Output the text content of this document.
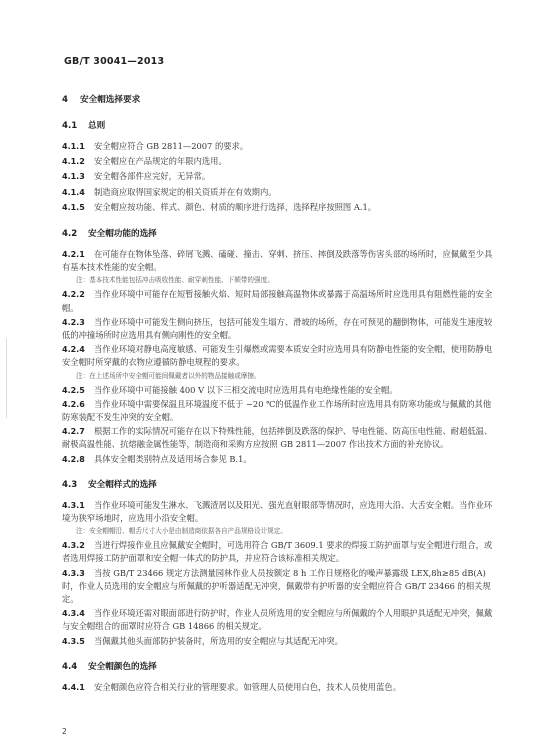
GB/T 30041—2013
4	安全帽选择要求
4.1	总则
4.1.1 安全帽应符合 GB 2811—2007 的要求。
4.1.2 安全帽应在产品规定的年限内选用。
4.1.3 安全帽各部件应完好，无异常。
4.1.4 制造商应取得国家规定的相关资质并在有效期内。
4.1.5 安全帽应按功能、样式、颜色、材质的顺序进行选择，选择程序按照图 A.1。
4.2	安全帽功能的选择
4.2.1 在可能存在物体坠落、碎屑飞溅、磕碰、撞击、穿刺、挤压、摔倒及跌落等伤害头部的场所时，应佩戴至少具有基本技术性能的安全帽。
注：基本技术性能包括冲击吸收性能、耐穿刺性能、下颏带的强度。
4.2.2 当作业环境中可能存在短暂接触火焰、短时局部接触高温物体或暴露于高温场所时应选用具有阻燃性能的安全帽。
4.2.3 当作业环境中可能发生侧向挤压，包括可能发生塌方、滑坡的场所，存在可预见的翻倒物体，可能发生速度较低的冲撞场所时应选用具有侧向刚性的安全帽。
4.2.4 当作业环境对静电高度敏感、可能发生引爆燃或需要本质安全时应选用具有防静电性能的安全帽，使用防静电安全帽时所穿戴的衣物应遵循防静电规程的要求。
注：在上述场所中安全帽可能间佩戴者以外的物品接触或摩擦。
4.2.5 当作业环境中可能接触 400 V 以下三相交流电时应选用具有电绝缘性能的安全帽。
4.2.6 当作业环境中需要保温且环境温度不低于 −20 ℃的低温作业工作场所时应选用具有防寒功能或与佩戴的其他防寒装配不发生冲突的安全帽。
4.2.7 根据工作的实际情况可能存在以下特殊性能，包括摔倒及跌落的保护、导电性能、防高压电性能、耐超低温、耐极高温性能、抗熔融金属性能等，制造商和采购方应按照 GB 2811—2007 作出技术方面的补充协议。
4.2.8 具体安全帽类别特点及适用场合参见 B.1。
4.3	安全帽样式的选择
4.3.1 当作业环境可能发生淋水、飞溅渣屑以及阳光、强光直射眼部等情况时，应选用大沿、大舌安全帽。当作业环境为狭窄场地时，应选用小沿安全帽。
注：安全帽帽沿、帽舌尺寸大小是由制造商依据各自产品规格设计规定。
4.3.2 当进行焊接作业且应佩戴安全帽时，可选用符合 GB/T 3609.1 要求的焊接工防护面罩与安全帽进行组合，或者选用焊接工防护面罩和安全帽一体式的防护具，并应符合该标准相关规定。
4.3.3 当按 GB/T 23466 规定方法测量园林作业人员按额定 8 h 工作日规格化的噪声暴露级 LEX,8h≥85 dB(A)时，作业人员选用的安全帽应与所佩戴的护听器适配无冲突，佩戴带有护听器的安全帽应符合 GB/T 23466 的相关规定。
4.3.4 当作业环境还需对眼面部进行防护时，作业人员所选用的安全帽应与所佩戴的个人用眼护具适配无冲突，佩戴与安全帽组合的面罩时应符合 GB 14866 的相关规定。
4.3.5 当佩戴其他头面部防护装备时，所选用的安全帽应与其适配无冲突。
4.4	安全帽颜色的选择
4.4.1 安全帽颜色应符合相关行业的管理要求。如管理人员使用白色，技术人员使用蓝色。
2
